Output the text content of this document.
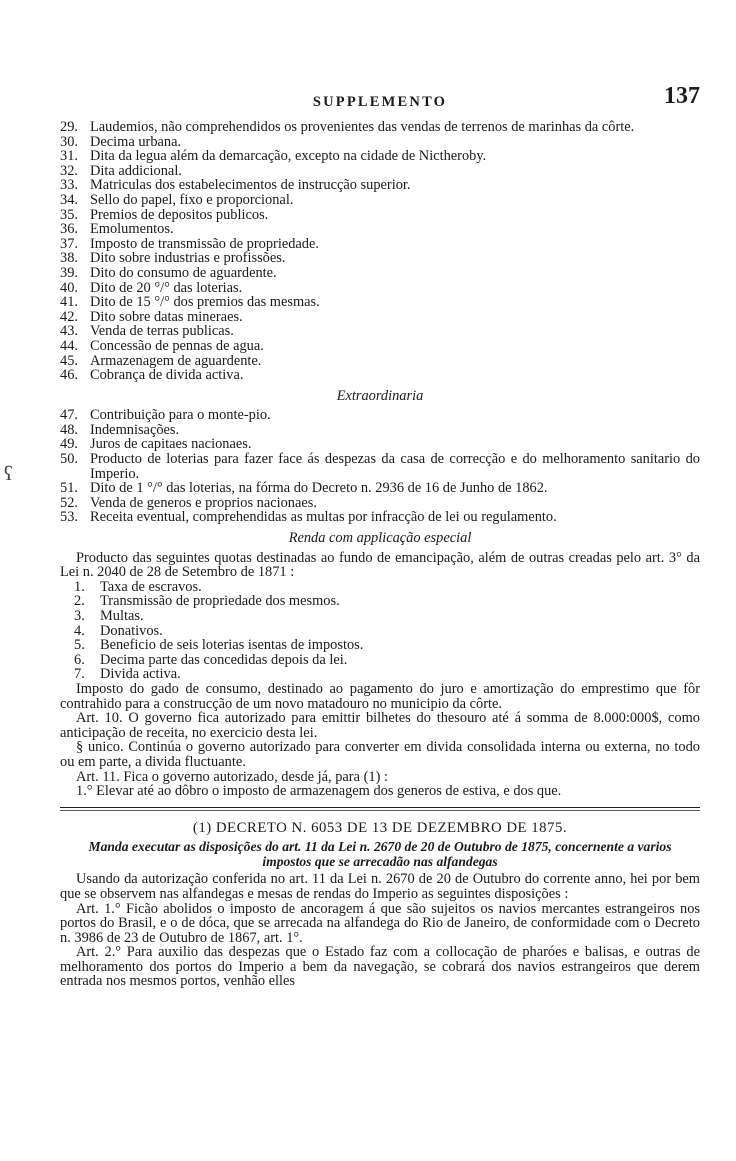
ʕ
SUPPLEMENTO	137
29. Laudemios, não comprehendidos os provenientes das vendas de terrenos de marinhas da côrte.
30. Decima urbana.
31. Dita da legua além da demarcação, excepto na cidade de Nictheroby.
32. Dita addicional.
33. Matriculas dos estabelecimentos de instrucção superior.
34. Sello do papel, fixo e proporcional.
35. Premios de depositos publicos.
36. Emolumentos.
37. Imposto de transmissão de propriedade.
38. Dito sobre industrias e profissões.
39. Dito do consumo de aguardente.
40. Dito de 20 °/° das loterias.
41. Dito de 15 °/° dos premios das mesmas.
42. Dito sobre datas mineraes.
43. Venda de terras publicas.
44. Concessão de pennas de agua.
45. Armazenagem de aguardente.
46. Cobrança de divida activa.
Extraordinaria
47. Contribuição para o monte-pio.
48. Indemnisações.
49. Juros de capitaes nacionaes.
50. Producto de loterias para fazer face ás despezas da casa de correcção e do melhoramento sanitario do Imperio.
51. Dito de 1 °/° das loterias, na fórma do Decreto n. 2936 de 16 de Junho de 1862.
52. Venda de generos e proprios nacionaes.
53. Receita eventual, comprehendidas as multas por infracção de lei ou regulamento.
Renda com applicação especial
Producto das seguintes quotas destinadas ao fundo de emancipação, além de outras creadas pelo art. 3° da Lei n. 2040 de 28 de Setembro de 1871 :
1.	Taxa de escravos.
2.	Transmissão de propriedade dos mesmos.
3.	Multas.
4.	Donativos.
5.	Beneficio de seis loterias isentas de impostos.
6.	Decima parte das concedidas depois da lei.
7.	Divida activa.
Imposto do gado de consumo, destinado ao pagamento do juro e amortização do emprestimo que fôr contrahido para a construcção de um novo matadouro no municipio da côrte.
Art. 10. O governo fica autorizado para emittir bilhetes do thesouro até á somma de 8.000:000$, como anticipação de receita, no exercicio desta lei.
§ unico. Continúa o governo autorizado para converter em divida consolidada interna ou externa, no todo ou em parte, a divida fluctuante.
Art. 11. Fica o governo autorizado, desde já, para (1) :
1.° Elevar até ao dôbro o imposto de armazenagem dos generos de estiva, e dos que.
(1) DECRETO N. 6053 DE 13 DE DEZEMBRO DE 1875.
Manda executar as disposições do art. 11 da Lei n. 2670 de 20 de Outubro de 1875, concernente a varios impostos que se arrecadão nas alfandegas
Usando da autorização conferida no art. 11 da Lei n. 2670 de 20 de Outubro do corrente anno, hei por bem que se observem nas alfandegas e mesas de rendas do Imperio as seguintes disposições :
Art. 1.° Ficão abolidos o imposto de ancoragem á que são sujeitos os navios mercantes estrangeiros nos portos do Brasil, e o de dóca, que se arrecada na alfandega do Rio de Janeiro, de conformidade com o Decreto n. 3986 de 23 de Outubro de 1867, art. 1°.
Art. 2.° Para auxilio das despezas que o Estado faz com a collocação de pharóes e balisas, e outras de melhoramento dos portos do Imperio a bem da navegação, se cobrará dos navios estrangeiros que derem entrada nos mesmos portos, venhão elles
